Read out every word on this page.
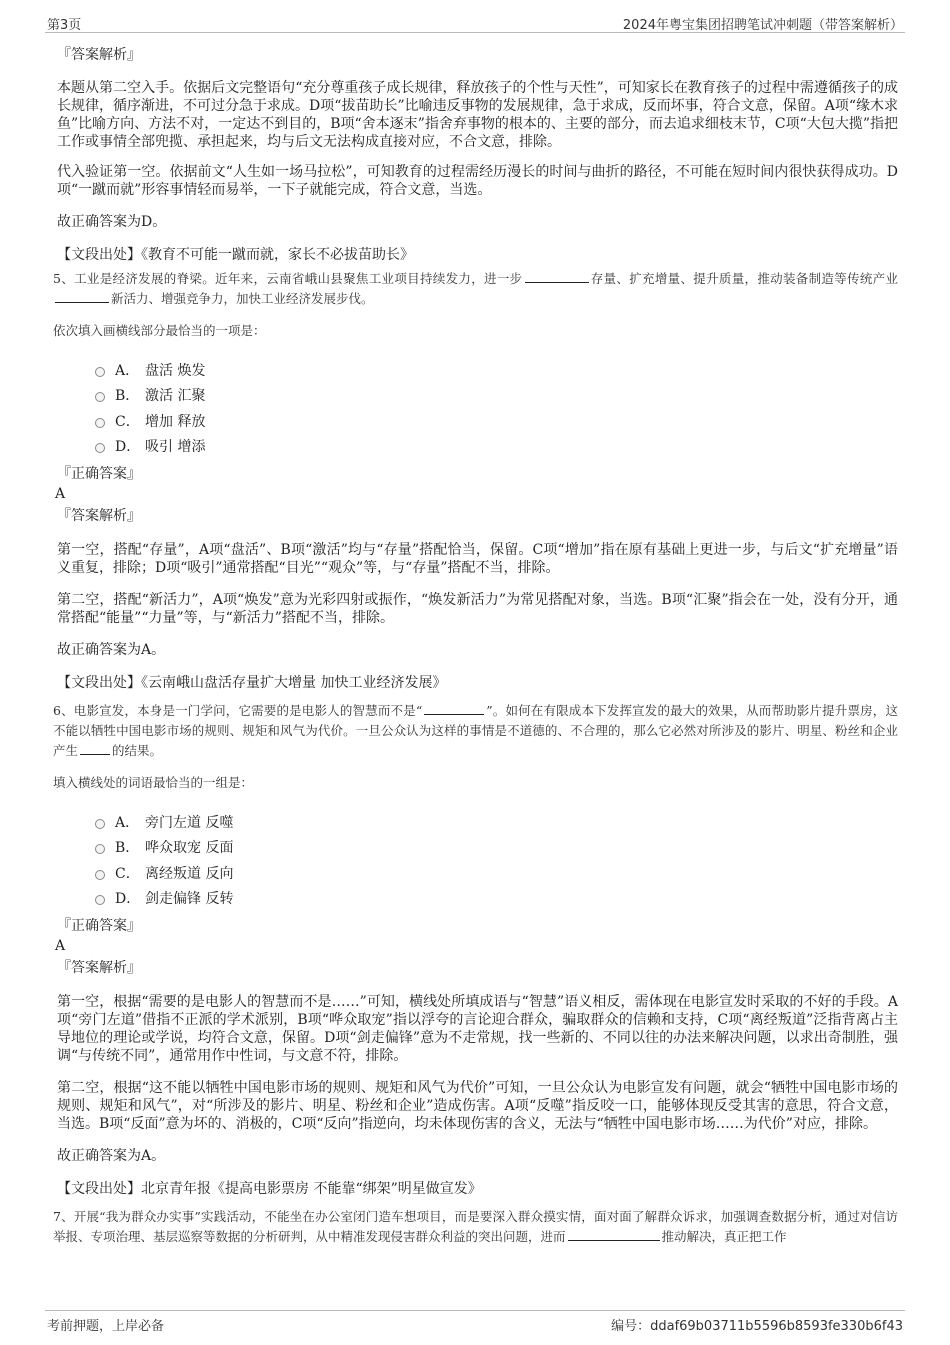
第3页	2024年粤宝集团招聘笔试冲刺题（带答案解析）

『答案解析』

本题从第二空入手。依据后文完整语句“充分尊重孩子成长规律，释放孩子的个性与天性”，可知家长在教育孩子的过程中需遵循孩子的成长规律，循序渐进，不可过分急于求成。D项“拔苗助长”比喻违反事物的发展规律，急于求成，反而坏事，符合文意，保留。A项“缘木求鱼”比喻方向、方法不对，一定达不到目的，B项“舍本逐末”指舍弃事物的根本的、主要的部分，而去追求细枝末节，C项“大包大揽”指把工作或事情全部兜揽、承担起来，均与后文无法构成直接对应，不合文意，排除。

代入验证第一空。依据前文“人生如一场马拉松”，可知教育的过程需经历漫长的时间与曲折的路径，不可能在短时间内很快获得成功。D项“一蹴而就”形容事情轻而易举，一下子就能完成，符合文意，当选。

故正确答案为D。

【文段出处】《教育不可能一蹴而就，家长不必拔苗助长》

5、工业是经济发展的脊梁。近年来，云南省峨山县聚焦工业项目持续发力，进一步	存量、扩充增量、提升质量，推动装备制造等传统产业新活力、增强竞争力，加快工业经济发展步伐。

依次填入画横线部分最恰当的一项是：

A． 盘活 焕发
B． 激活 汇聚
C． 增加 释放
D． 吸引 增添

『正确答案』

A

『答案解析』

第一空，搭配“存量”，A项“盘活”、B项“激活”均与“存量”搭配恰当，保留。C项“增加”指在原有基础上更进一步，与后文“扩充增量”语义重复，排除；D项“吸引”通常搭配“目光”“观众”等，与“存量”搭配不当，排除。

第二空，搭配“新活力”，A项“焕发”意为光彩四射或振作，“焕发新活力”为常见搭配对象，当选。B项“汇聚”指会在一处，没有分开，通常搭配“能量”“力量”等，与“新活力”搭配不当，排除。

故正确答案为A。

【文段出处】《云南峨山盘活存量扩大增量 加快工业经济发展》

6、电影宣发，本身是一门学问，它需要的是电影人的智慧而不是“	”。如何在有限成本下发挥宣发的最大的效果，从而帮助影片提升票房，这不能以牺牲中国电影市场的规则、规矩和风气为代价。一旦公众认为这样的事情是不道德的、不合理的，那么它必然对所涉及的影片、明星、粉丝和企业产生	的结果。

填入横线处的词语最恰当的一组是：

A． 旁门左道 反噬
B． 哗众取宠 反面
C． 离经叛道 反向
D． 剑走偏锋 反转

『正确答案』

A

『答案解析』

第一空，根据“需要的是电影人的智慧而不是……”可知，横线处所填成语与“智慧”语义相反，需体现在电影宣发时采取的不好的手段。A项“旁门左道”借指不正派的学术派别，B项“哗众取宠”指以浮夸的言论迎合群众，骗取群众的信赖和支持，C项“离经叛道”泛指背离占主导地位的理论或学说，均符合文意，保留。D项“剑走偏锋”意为不走常规，找一些新的、不同以往的办法来解决问题，以求出奇制胜，强调“与传统不同”，通常用作中性词，与文意不符，排除。

第二空，根据“这不能以牺牲中国电影市场的规则、规矩和风气为代价”可知，一旦公众认为电影宣发有问题，就会“牺牲中国电影市场的规则、规矩和风气”，对“所涉及的影片、明星、粉丝和企业”造成伤害。A项“反噬”指反咬一口，能够体现反受其害的意思，符合文意，当选。B项“反面”意为坏的、消极的，C项“反向”指逆向，均未体现伤害的含义，无法与“牺牲中国电影市场……为代价”对应，排除。

故正确答案为A。

【文段出处】北京青年报《提高电影票房 不能靠“绑架”明星做宣发》

7、开展“我为群众办实事”实践活动，不能坐在办公室闭门造车想项目，而是要深入群众摸实情，面对面了解群众诉求，加强调查数据分析，通过对信访举报、专项治理、基层巡察等数据的分析研判，从中精准发现侵害群众利益的突出问题，进而	推动解决，真正把工作

考前押题，上岸必备	编号：ddaf69b03711b5596b8593fe330b6f43
